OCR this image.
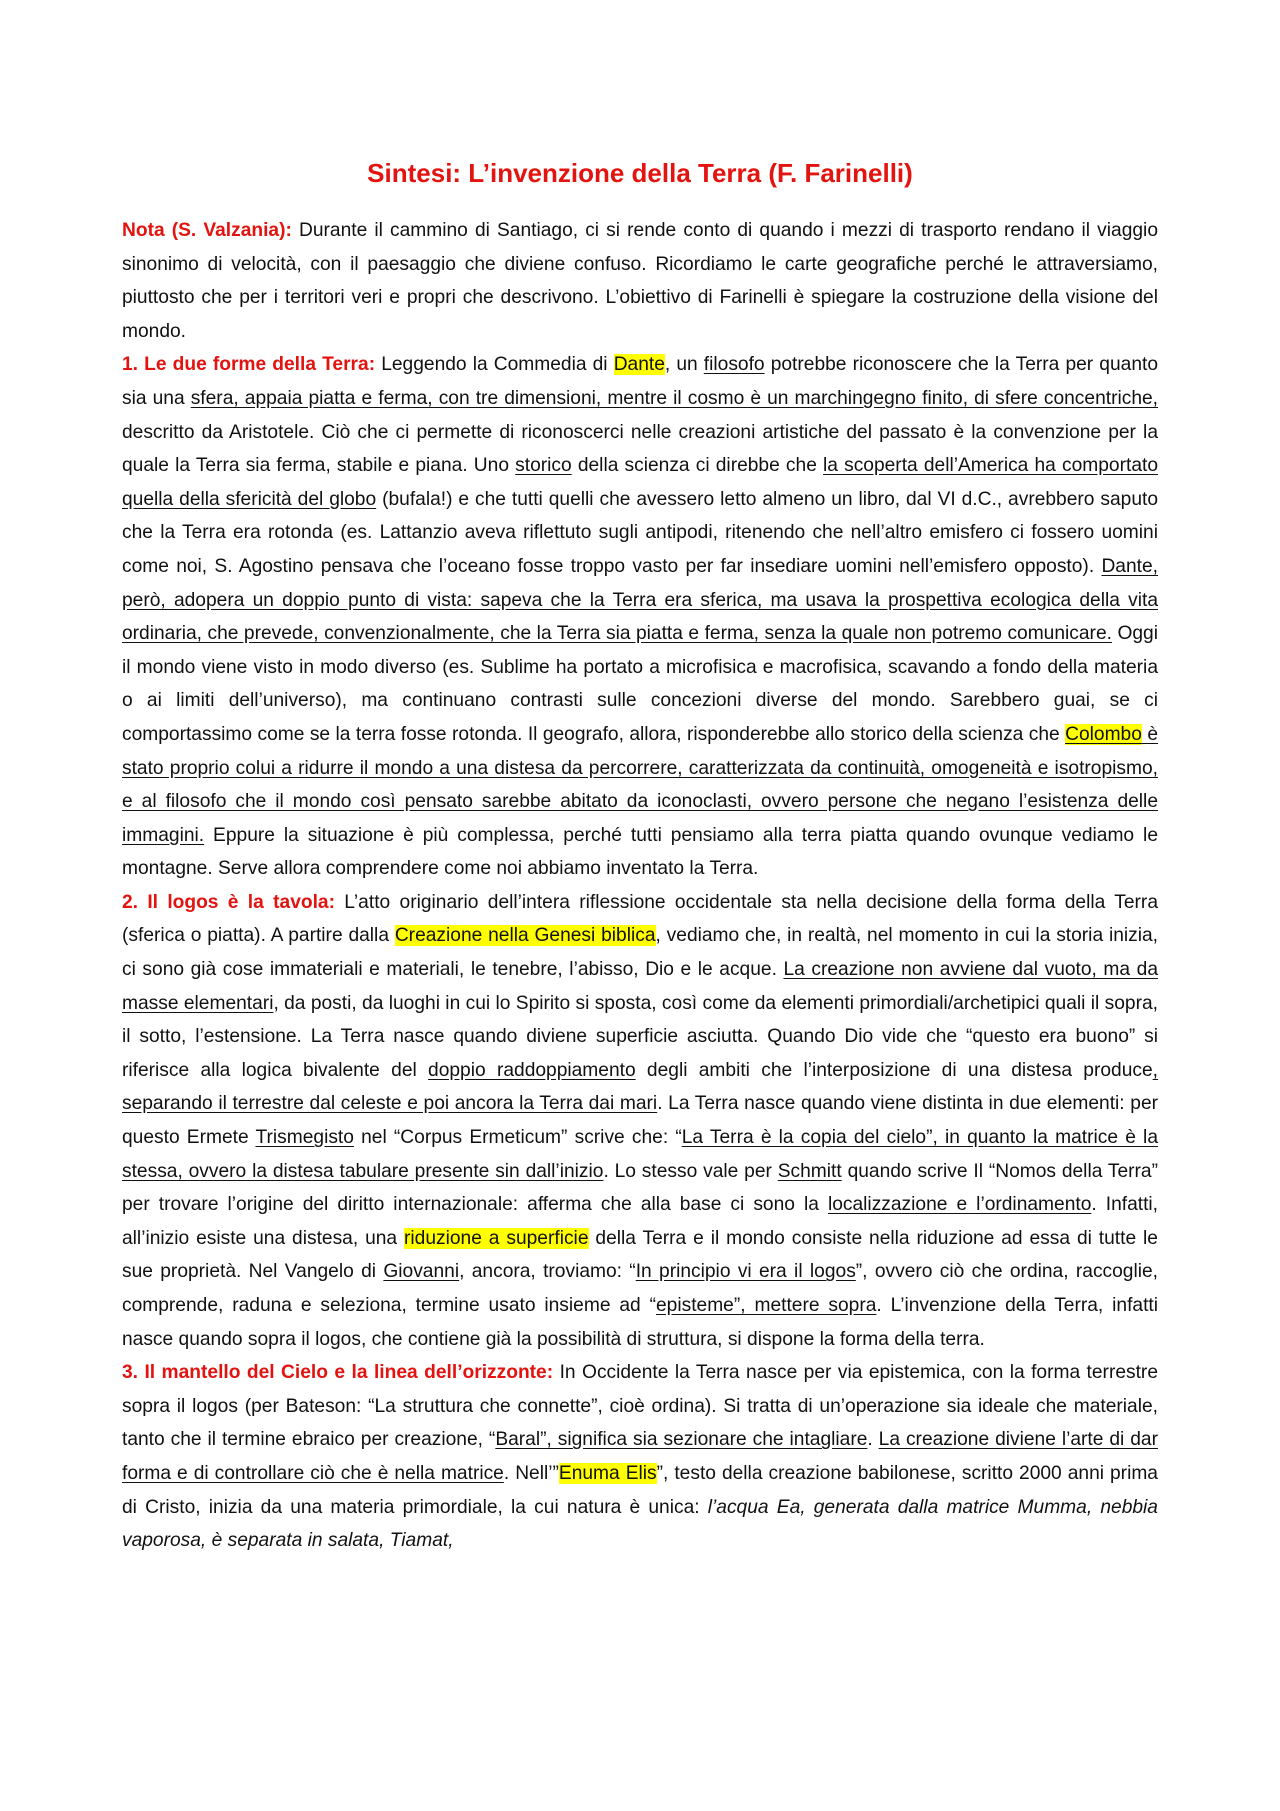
Sintesi: L’invenzione della Terra (F. Farinelli)

Nota (S. Valzania): Durante il cammino di Santiago, ci si rende conto di quando i mezzi di trasporto rendano il viaggio sinonimo di velocità, con il paesaggio che diviene confuso. Ricordiamo le carte geografiche perché le attraversiamo, piuttosto che per i territori veri e propri che descrivono. L’obiettivo di Farinelli è spiegare la costruzione della visione del mondo.

1. Le due forme della Terra: Leggendo la Commedia di Dante, un filosofo potrebbe riconoscere che la Terra per quanto sia una sfera, appaia piatta e ferma, con tre dimensioni, mentre il cosmo è un marchingegno finito, di sfere concentriche, descritto da Aristotele. Ciò che ci permette di riconoscerci nelle creazioni artistiche del passato è la convenzione per la quale la Terra sia ferma, stabile e piana. Uno storico della scienza ci direbbe che la scoperta dell’America ha comportato quella della sfericità del globo (bufala!) e che tutti quelli che avessero letto almeno un libro, dal VI d.C., avrebbero saputo che la Terra era rotonda (es. Lattanzio aveva riflettuto sugli antipodi, ritenendo che nell’altro emisfero ci fossero uomini come noi, S. Agostino pensava che l’oceano fosse troppo vasto per far insediare uomini nell’emisfero opposto). Dante, però, adopera un doppio punto di vista: sapeva che la Terra era sferica, ma usava la prospettiva ecologica della vita ordinaria, che prevede, convenzionalmente, che la Terra sia piatta e ferma, senza la quale non potremo comunicare. Oggi il mondo viene visto in modo diverso (es. Sublime ha portato a microfisica e macrofisica, scavando a fondo della materia o ai limiti dell’universo), ma continuano contrasti sulle concezioni diverse del mondo. Sarebbero guai, se ci comportassimo come se la terra fosse rotonda. Il geografo, allora, risponderebbe allo storico della scienza che Colombo è stato proprio colui a ridurre il mondo a una distesa da percorrere, caratterizzata da continuità, omogeneità e isotropismo, e al filosofo che il mondo così pensato sarebbe abitato da iconoclasti, ovvero persone che negano l’esistenza delle immagini. Eppure la situazione è più complessa, perché tutti pensiamo alla terra piatta quando ovunque vediamo le montagne. Serve allora comprendere come noi abbiamo inventato la Terra.

2. Il logos è la tavola: L’atto originario dell’intera riflessione occidentale sta nella decisione della forma della Terra (sferica o piatta). A partire dalla Creazione nella Genesi biblica, vediamo che, in realtà, nel momento in cui la storia inizia, ci sono già cose immateriali e materiali, le tenebre, l’abisso, Dio e le acque. La creazione non avviene dal vuoto, ma da masse elementari, da posti, da luoghi in cui lo Spirito si sposta, così come da elementi primordiali/archetipici quali il sopra, il sotto, l’estensione. La Terra nasce quando diviene superficie asciutta. Quando Dio vide che “questo era buono” si riferisce alla logica bivalente del doppio raddoppiamento degli ambiti che l’interposizione di una distesa produce, separando il terrestre dal celeste e poi ancora la Terra dai mari. La Terra nasce quando viene distinta in due elementi: per questo Ermete Trismegisto nel “Corpus Ermeticum” scrive che: “La Terra è la copia del cielo”, in quanto la matrice è la stessa, ovvero la distesa tabulare presente sin dall’inizio. Lo stesso vale per Schmitt quando scrive Il “Nomos della Terra” per trovare l’origine del diritto internazionale: afferma che alla base ci sono la localizzazione e l’ordinamento. Infatti, all’inizio esiste una distesa, una riduzione a superficie della Terra e il mondo consiste nella riduzione ad essa di tutte le sue proprietà. Nel Vangelo di Giovanni, ancora, troviamo: “In principio vi era il logos”, ovvero ciò che ordina, raccoglie, comprende, raduna e seleziona, termine usato insieme ad “episteme”, mettere sopra. L’invenzione della Terra, infatti nasce quando sopra il logos, che contiene già la possibilità di struttura, si dispone la forma della terra.

3. Il mantello del Cielo e la linea dell’orizzonte: In Occidente la Terra nasce per via epistemica, con la forma terrestre sopra il logos (per Bateson: “La struttura che connette”, cioè ordina). Si tratta di un’operazione sia ideale che materiale, tanto che il termine ebraico per creazione, “Baral”, significa sia sezionare che intagliare. La creazione diviene l’arte di dar forma e di controllare ciò che è nella matrice. Nell’”Enuma Elis”, testo della creazione babilonese, scritto 2000 anni prima di Cristo, inizia da una materia primordiale, la cui natura è unica: l’acqua Ea, generata dalla matrice Mumma, nebbia vaporosa, è separata in salata, Tiamat,
